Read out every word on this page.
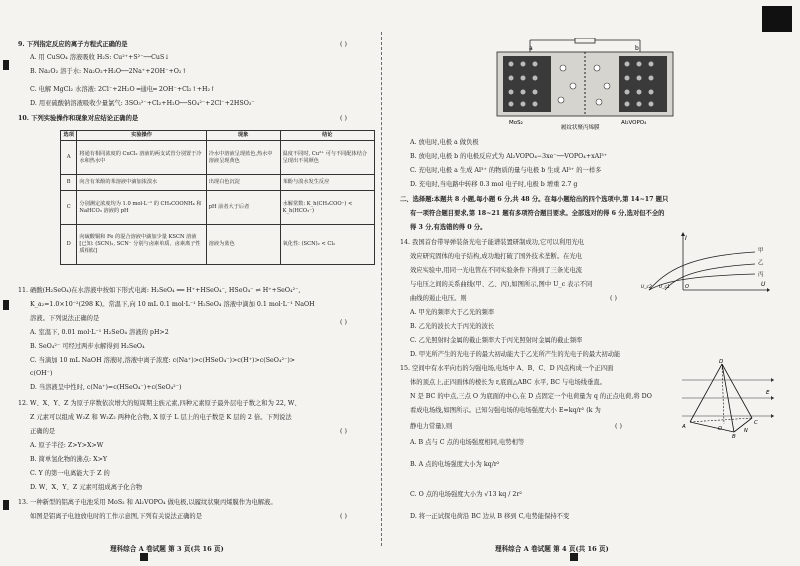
9. 下列指定反应的离子方程式正确的是	( )
A. 用 CuSO₄ 溶液吸收 H₂S: Cu²⁺+S²⁻──CuS↓
B. Na₂O₂ 溶于水: Na₂O₂+H₂O──2Na⁺+2OH⁻+O₂↑
C. 电解 MgCl₂ 水溶液: 2Cl⁻+2H₂O ═通电═ 2OH⁻+Cl₂↑+H₂↑
D. 用亚硫酸钠溶液吸收少量氯气: 3SO₃²⁻+Cl₂+H₂O──SO₄²⁻+2Cl⁻+2HSO₃⁻
10. 下列实验操作和现象对应结论正确的是	( )
选项	实验操作	现象	结论
A	将通有相同浓度的 CuCl₂ 溶液的两支试管分别置于冷水和热水中	冷水中溶液呈现蓝色,热水中溶液呈现黄色	温度不同时, Cu²⁺ 可与不同配体结合呈现出不同颜色
B	向含有苯酚的苯溶液中滴加浓溴水	出现白色沉淀	苯酚与溴水发生反应
C	分别测定浓度均为 1.0 mol·L⁻¹ 的 CH₃COONH₄ 和 NaHCO₃ 溶液的 pH	pH 前者大于后者	水解常数: K_h(CH₃COO⁻) < K_h(HCO₃⁻)
D	向硫酸铜和 Fe 的混合溶液中滴加少量 KSCN 溶液[已知: (SCN)₂, SCN⁻ 分别与卤素单质、卤素离子性质相似]	溶液为蓝色	氧化性: (SCN)₂ < Cl₂
11. 硒酸(H₂SeO₄)在水溶液中按如下形式电离: H₂SeO₄ ══ H⁺+HSeO₄⁻, HSeO₄⁻ ⇌ H⁺+SeO₄²⁻,
K_a₂=1.0×10⁻²(298 K)。常温下,向 10 mL 0.1 mol·L⁻¹ H₂SeO₄ 溶液中滴加 0.1 mol·L⁻¹ NaOH
溶液。下列说法正确的是
( )
A. 室温下, 0.01 mol·L⁻¹ H₂SeO₄ 溶液的 pH>2
B. SeO₄²⁻ 可经过两步水解得到 H₂SeO₄
C. 当滴加 10 mL NaOH 溶液时,溶液中离子浓度: c(Na⁺)>c(HSeO₄⁻)>c(H⁺)>c(SeO₄²⁻)>
c(OH⁻)
D. 当溶液呈中性时, c(Na⁺)=c(HSeO₄⁻)+c(SeO₄²⁻)
12. W、X、Y、Z 为原子序数依次增大的短周期主族元素,四种元素原子最外层电子数之和为 22, W、
Z 元素可以组成 W₂Z 和 W₂Z₂ 两种化合物, X 原子 L 层上的电子数是 K 层的 2 倍。下列说法
正确的是	( )
A. 原子半径: Z>Y>X>W
B. 简单氢化物的沸点: X>Y
C. Y 的第一电离能大于 Z 的
D. W、X、Y、Z 元素可组成离子化合物
13. 一种新型的铝离子电池采用 MoS₂ 和 Al₂VOPO₄ 做电极,以履纹状聚丙烯膜作为电解液。
如图是铝离子电池放电时的工作示意图,下列有关说法正确的是	( )
理科综合 A 卷试题 第 3 页(共 16 页)
a	b
MoS₂	Al₂VOPO₄
履纹状聚丙烯膜
A. 放电时,电极 a 做负极
B. 放电时,电极 b 的电极反应式为 Al₂VOPO₄−3xe⁻──VOPO₄+xAl³⁺
C. 充电时,电极 a 生成 Al³⁺ 的物质的量与电极 b 生成 Al³⁺ 的一样多
D. 充电时,当电路中转移 0.3 mol 电子时,电极 b 增重 2.7 g
二、选择题:本题共 8 小题,每小题 6 分,共 48 分。在每小题给出的四个选项中,第 14~17 题只
有一项符合题目要求,第 18~21 题有多项符合题目要求。全部选对的得 6 分,选对但不全的
得 3 分,有选错的得 0 分。
14. 我国首台带导弹装备光电子能谱装置研制成功,它可以利用光电
效应研究固体的电子结构,成功地打破了国外技术垄断。在光电
效应实验中,用同一光电管在不同实验条件下得到了三条光电流
与电压之间的关系曲线(甲、乙、丙),如图所示,图中 U_c 表示不同
曲线的遏止电压。则	( )
I
U
O
甲
乙
丙
U_c2 U_c1
A. 甲光的频率大于乙光的频率
B. 乙光的波长大于丙光的波长
C. 乙光照射时金属的截止频率大于丙光照射时金属的截止频率
D. 甲光所产生的光电子的最大初动能大于乙光所产生的光电子的最大初动能
15. 空间中有水平向右的匀强电场,电场中 A、B、C、D 四点构成一个正四面
体的顶点上,正四面体的棱长为 r,底面△ABC 水平, BC 与电场线垂直。
N 是 BC 的中点,三点 O 为底面的中心,在 D 点固定一个电荷量为 q 的正点电荷,将 DO
看成电场线,如图所示。已知匀强电场的电场强度大小 E=kq/r² (k 为
静电力常量),则	( )
D
A
B
C
O	N
E
A. B 点与 C 点的电场强度相同,电势相等
B. A 点的电场强度大小为 kq/r²
C. O 点的电场强度大小为 √13 kq / 2r²
D. 将一正试探电荷沿 BC 边从 B 移到 C,电势能保持不变
理科综合 A 卷试题 第 4 页(共 16 页)
